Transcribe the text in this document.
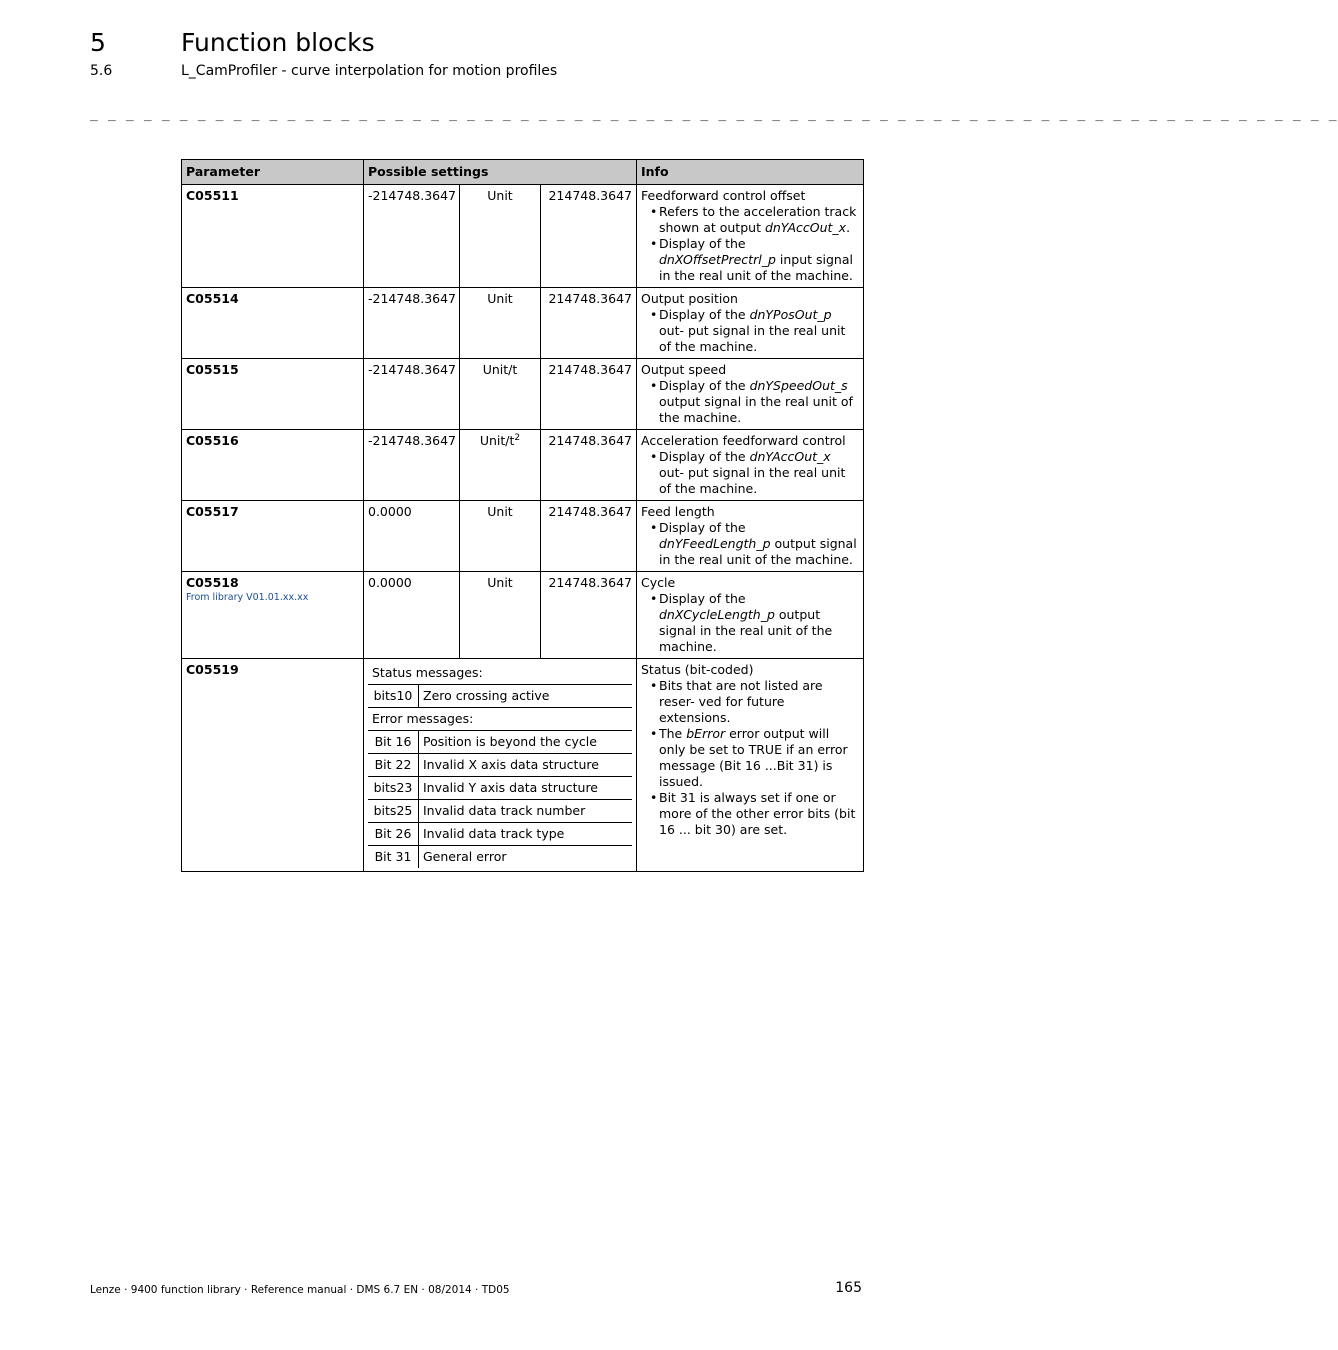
5	Function blocks
5.6	L_CamProfiler - curve interpolation for motion profiles
_ _ _ _ _ _ _ _ _ _ _ _ _ _ _ _ _ _ _ _ _ _ _ _ _ _ _ _ _ _ _ _ _ _ _ _ _ _ _ _ _ _ _ _ _ _ _ _ _ _ _ _ _ _ _ _ _ _ _ _ _ _ _ _ _ _ _ _ _ _
Parameter	Possible settings	Info
C05511	-214748.3647	Unit	214748.3647	Feedforward control offset
• Refers to the acceleration track shown at output dnYAccOut_x.
• Display of the dnXOffsetPrectrl_p input signal in the real unit of the machine.

C05514	-214748.3647	Unit	214748.3647	Output position
• Display of the dnYPosOut_p out- put signal in the real unit of the machine.

C05515	-214748.3647	Unit/t	214748.3647	Output speed
• Display of the dnYSpeedOut_s output signal in the real unit of the machine.

C05516	-214748.3647	Unit/$t^2$	214748.3647	Acceleration feedforward control
• Display of the dnYAccOut_x out- put signal in the real unit of the machine.

C05517	0.0000	Unit	214748.3647	Feed length
• Display of the dnYFeedLength_p output signal in the real unit of the machine.

C05518
From library V01.01.xx.xx
	0.0000	Unit	214748.3647	Cycle
• Display of the dnXCycleLength_p output signal in the real unit of the machine.

C05519		Status messages:
bits10	Zero crossing active
Error messages:
Bit 16	Position is beyond the cycle
Bit 22	Invalid X axis data structure
bits23	Invalid Y axis data structure
bits25	Invalid data track number
Bit 26	Invalid data track type
Bit 31	General error

Status (bit-coded)
• Bits that are not listed are reser- ved for future extensions.
• The bError error output will only be set to TRUE if an error message (Bit 16 ...Bit 31) is issued.
• Bit 31 is always set if one or more of the other error bits (bit 16 ... bit 30) are set.
Lenze · 9400 function library · Reference manual · DMS 6.7 EN · 08/2014 · TD05	165
